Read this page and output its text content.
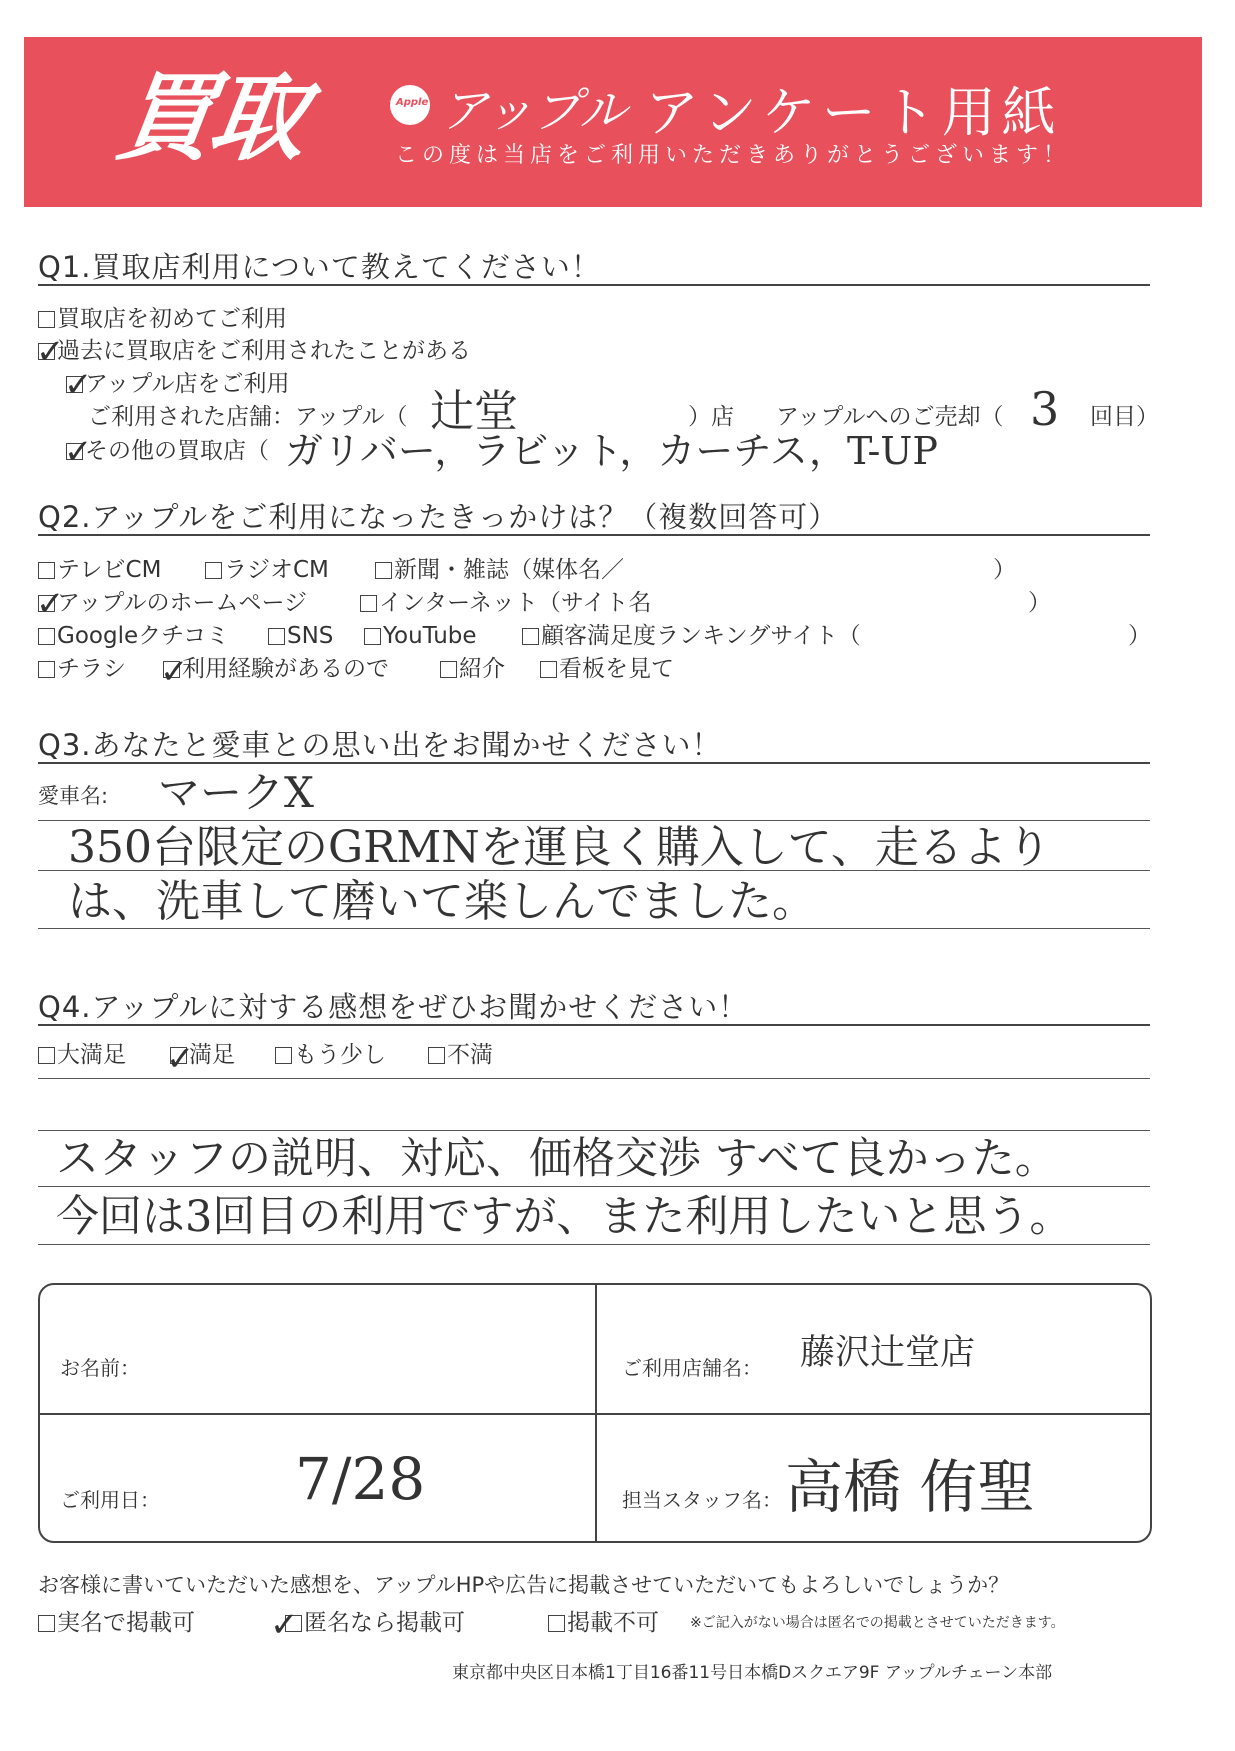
買取	Apple アップル アンケート用紙
この度は当店をご利用いただきありがとうございます！
Q1.買取店利用について教えてください！
買取店を初めてご利用
過去に買取店をご利用されたことがある
✓
アップル店をご利用
✓
ご利用された店舗：アップル（ 辻堂	）店 アップルへのご売却（ 3 回目）
その他の買取店（
✓	ガリバー，ラビット，カーチス，T-UP
Q2.アップルをご利用になったきっかけは？（複数回答可）
テレビCM	ラジオCM	新聞・雑誌（媒体名／	）
アップルのホームページ
✓	インターネット（サイト名	）
Googleクチコミ	SNS	YouTube	顧客満足度ランキングサイト（	）
チラシ	利用経験があるので
✓	紹介	看板を見て
Q3.あなたと愛車との思い出をお聞かせください！
愛車名: マークX
350台限定のGRMNを運良く購入して、走るより
は、洗車して磨いて楽しんでました。
Q4.アップルに対する感想をぜひお聞かせください！
大満足	満足
✓	もう少し	不満
スタッフの説明、対応、価格交渉 すべて良かった。
今回は3回目の利用ですが、また利用したいと思う。
お名前：	ご利用店舗名： 藤沢辻堂店
ご利用日： 7/28	担当スタッフ名： 高橋 侑聖
お客様に書いていただいた感想を、アップルHPや広告に掲載させていただいてもよろしいでしょうか？
実名で掲載可	匿名なら掲載可
✓	掲載不可 ※ご記入がない場合は匿名での掲載とさせていただきます。
東京都中央区日本橋1丁目16番11号日本橋Dスクエア9F アップルチェーン本部
